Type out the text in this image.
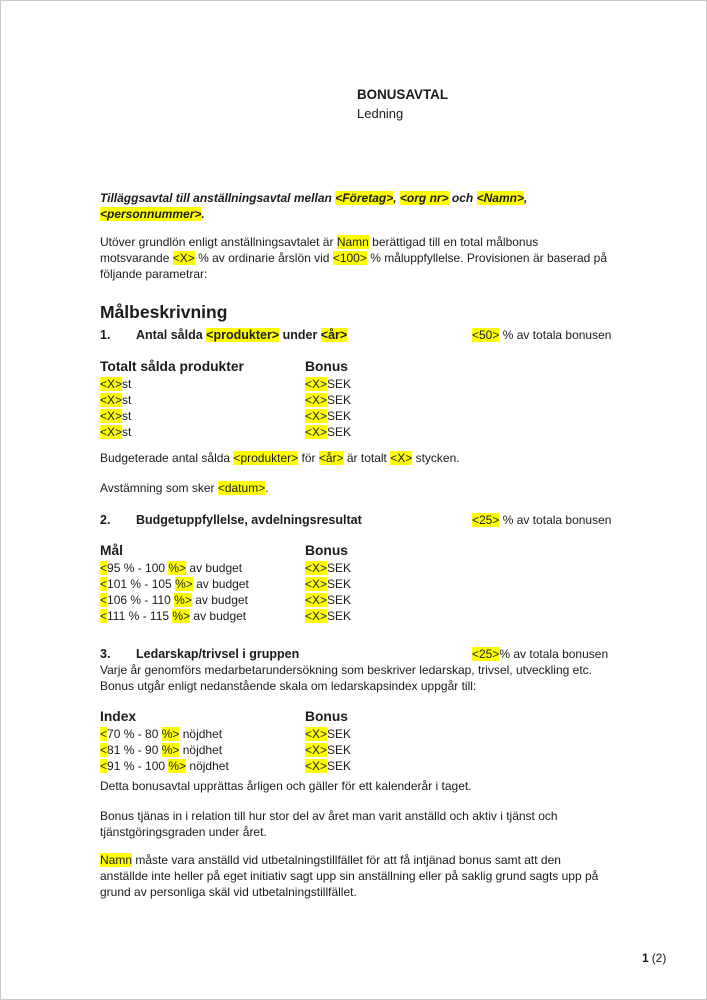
BONUSAVTAL
Ledning

Tilläggsavtal till anställningsavtal mellan <Företag>, <org nr> och <Namn>,
<personnummer>.

Utöver grundlön enligt anställningsavtalet är Namn berättigad till en total målbonus
motsvarande <X> % av ordinarie årslön vid <100> % måluppfyllelse. Provisionen är baserad på
följande parametrar:

Målbeskrivning
1. Antal sålda <produkter> under <år>	<50> % av totala bonusen
Totalt sålda produkter	Bonus
<X>st	<X>SEK
<X>st	<X>SEK
<X>st	<X>SEK
<X>st	<X>SEK

Budgeterade antal sålda <produkter> för <år> är totalt <X> stycken.

Avstämning som sker <datum>.

2. Budgetuppfyllelse, avdelningsresultat	<25> % av totala bonusen
Mål	Bonus
<95 % - 100 %> av budget	<X>SEK
<101 % - 105 %> av budget	<X>SEK
<106 % - 110 %> av budget	<X>SEK
<111 % - 115 %> av budget	<X>SEK
3. Ledarskap/trivsel i gruppen	<25>% av totala bonusen

Varje år genomförs medarbetarundersökning som beskriver ledarskap, trivsel, utveckling etc.
Bonus utgår enligt nedanstående skala om ledarskapsindex uppgår till:

Index	Bonus
<70 % - 80 %> nöjdhet	<X>SEK
<81 % - 90 %> nöjdhet	<X>SEK
<91 % - 100 %> nöjdhet	<X>SEK

Detta bonusavtal upprättas årligen och gäller för ett kalenderår i taget.

Bonus tjänas in i relation till hur stor del av året man varit anställd och aktiv i tjänst och
tjänstgöringsgraden under året.

Namn måste vara anställd vid utbetalningstillfället för att få intjänad bonus samt att den
anställde inte heller på eget initiativ sagt upp sin anställning eller på saklig grund sagts upp på
grund av personliga skäl vid utbetalningstillfället.

1 (2)
